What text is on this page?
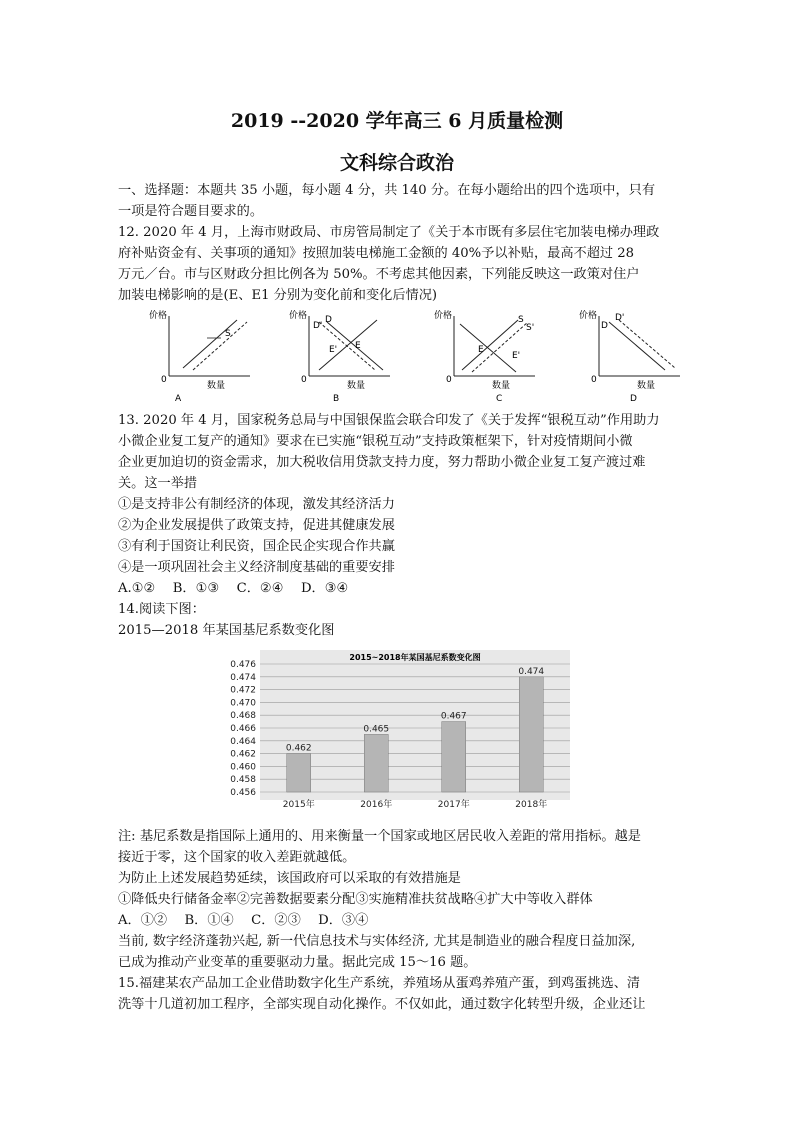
2019 --2020 学年高三 6 月质量检测
文科综合政治
一、选择题：本题共 35 小题，每小题 4 分，共 140 分。在每小题给出的四个选项中，只有
一项是符合题目要求的。
12. 2020 年 4 月，上海市财政局、市房管局制定了《关于本市既有多层住宅加装电梯办理政
府补贴资金有、关事项的通知》按照加装电梯施工金额的 40%予以补贴，最高不超过 28
万元／台。市与区财政分担比例各为 50%。不考虑其他因素，下列能反映这一政策对住户
加装电梯影响的是(E、E1 分别为变化前和变化后情况)
价格
数量
0
S
A
价格
数量
0
D'
D
E
E'
B
价格
数量
0
S
S'
E
E'
C
价格
数量
0
D
D'
D
13. 2020 年 4 月，国家税务总局与中国银保监会联合印发了《关于发挥“银税互动”作用助力
小微企业复工复产的通知》要求在已实施“银税互动”支持政策框架下，针对疫情期间小微
企业更加迫切的资金需求，加大税收信用贷款支持力度，努力帮助小微企业复工复产渡过难
关。这一举措
①是支持非公有制经济的体现，激发其经济活力
②为企业发展提供了政策支持，促进其健康发展
③有利于国资让利民资，国企民企实现合作共赢
④是一项巩固社会主义经济制度基础的重要安排
A.①②　 B．①③　 C．②④　 D．③④
14.阅读下图：
2015—2018 年某国基尼系数变化图
2015~2018年某国基尼系数变化图
0.476
0.474
0.472
0.470
0.468
0.466
0.464
0.462
0.460
0.458
0.456
0.462
0.465
0.467
0.474
2015年	2016年	2017年	2018年
注: 基尼系数是指国际上通用的、用来衡量一个国家或地区居民收入差距的常用指标。越是
接近于零，这个国家的收入差距就越低。
为防止上述发展趋势延续，该国政府可以采取的有效措施是
①降低央行储备金率②完善数据要素分配③实施精准扶贫战略④扩大中等收入群体
A．①②　 B．①④　 C．②③　 D．③④
当前, 数字经济蓬勃兴起, 新一代信息技术与实体经济, 尤其是制造业的融合程度日益加深,
已成为推动产业变革的重要驱动力量。据此完成 15～16 题。
15.福建某农产品加工企业借助数字化生产系统，养殖场从蛋鸡养殖产蛋，到鸡蛋挑选、清
洗等十几道初加工程序，全部实现自动化操作。不仅如此，通过数字化转型升级，企业还让
